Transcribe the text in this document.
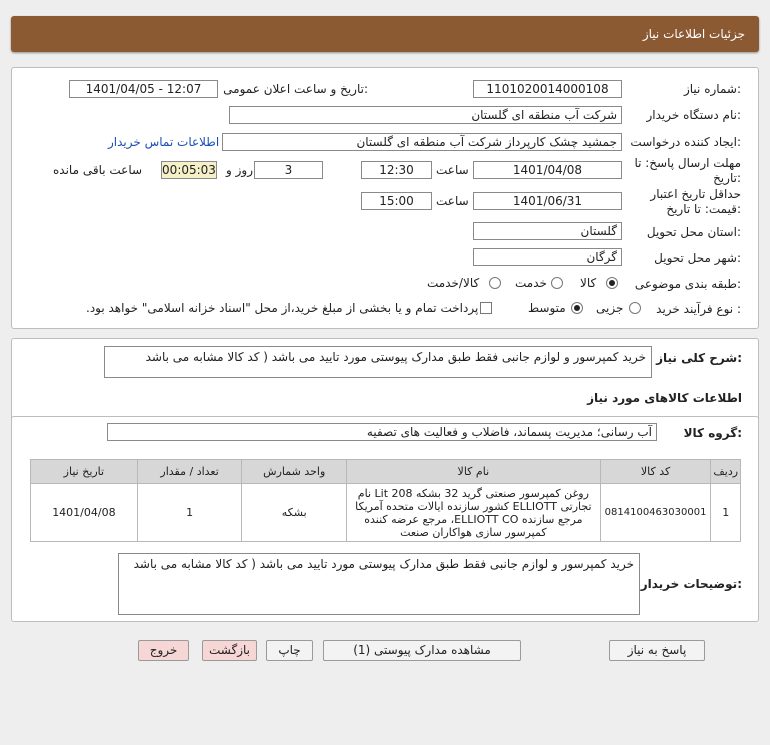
جزئیات اطلاعات نیاز
شماره نیاز:
1101020014000108
تاریخ و ساعت اعلان عمومی:
1401/04/05 - 12:07
نام دستگاه خریدار:
شرکت آب منطقه ای گلستان
ایجاد کننده درخواست:
جمشید چشک کارپرداز شرکت آب منطقه ای گلستان
اطلاعات تماس خریدار
مهلت ارسال پاسخ: تا تاریخ:
1401/04/08
ساعت
12:30
3
روز و
00:05:03
ساعت باقی مانده
حداقل تاریخ اعتبار قیمت: تا تاریخ:
1401/06/31
ساعت
15:00
استان محل تحویل:
گلستان
شهر محل تحویل:
گرگان
طبقه بندی موضوعی:
کالا
خدمت
کالا/خدمت
نوع فرآیند خرید :
جزیی
متوسط
پرداخت تمام و یا بخشی از مبلغ خرید،از محل "اسناد خزانه اسلامی" خواهد بود.
شرح کلی نیاز:
خرید کمپرسور و لوازم جانبی فقط طبق مدارک پیوستی مورد تایید می باشد ( کد کالا مشابه می باشد
اطلاعات کالاهای مورد نیاز
گروه کالا:
آب رسانی؛ مدیریت پسماند، فاضلاب و فعالیت های تصفیه
ردیف	کد کالا	نام کالا	واحد شمارش	تعداد / مقدار	تاریخ نیاز
1	0814100463030001	روغن کمپرسور صنعتی گرید 32 بشکه 208 Lit نام تجارتی ELLIOTT کشور سازنده ایالات متحده آمریکا مرجع سازنده ELLIOTT CO، مرجع عرضه کننده کمپرسور سازی هواکاران صنعت	بشکه	1	1401/04/08
توضیحات خریدار:
خرید کمپرسور و لوازم جانبی فقط طبق مدارک پیوستی مورد تایید می باشد ( کد کالا مشابه می باشد
پاسخ به نیاز
مشاهده مدارک پیوستی (1)
چاپ
بازگشت
خروج
